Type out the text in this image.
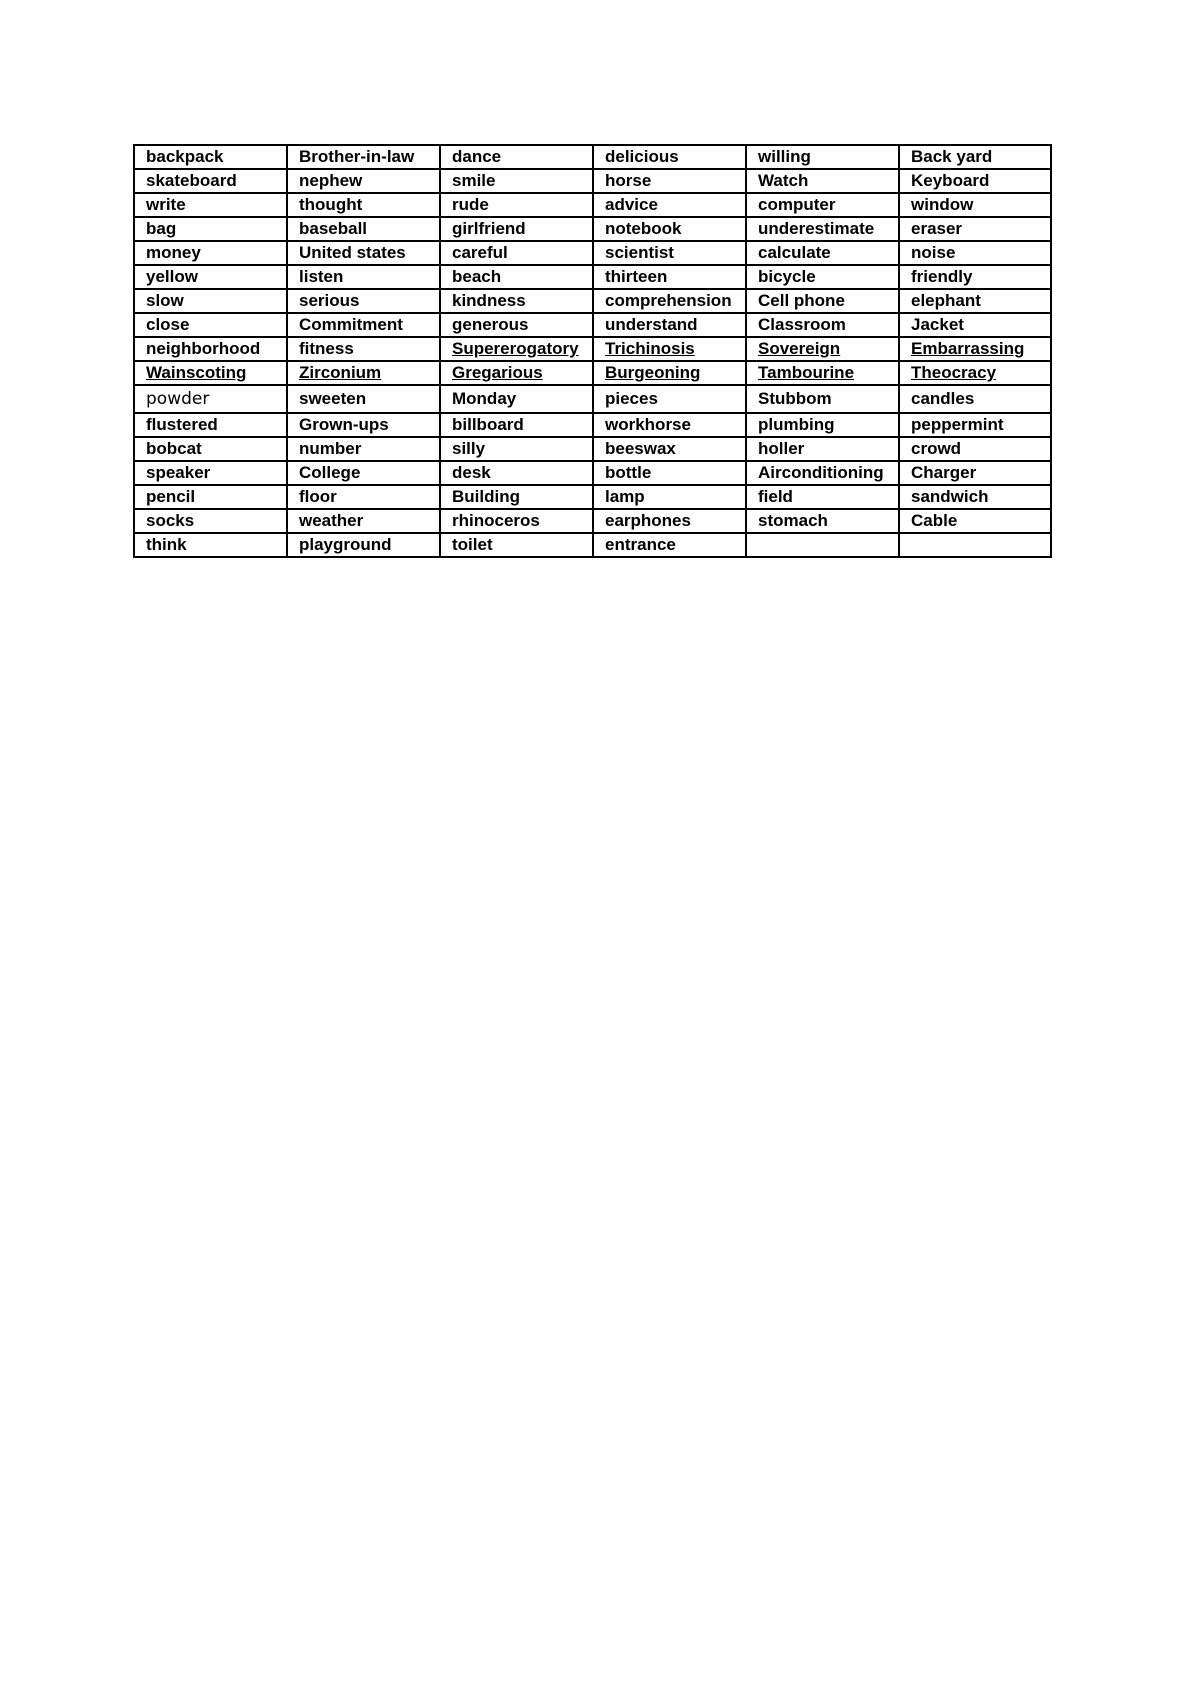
backpack	Brother-in-law	dance	delicious	willing	Back yard
skateboard	nephew	smile	horse	Watch	Keyboard
write	thought	rude	advice	computer	window
bag	baseball	girlfriend	notebook	underestimate	eraser
money	United states	careful	scientist	calculate	noise
yellow	listen	beach	thirteen	bicycle	friendly
slow	serious	kindness	comprehension	Cell phone	elephant
close	Commitment	generous	understand	Classroom	Jacket
neighborhood	fitness	Supererogatory	Trichinosis	Sovereign	Embarrassing
Wainscoting	Zirconium	Gregarious	Burgeoning	Tambourine	Theocracy
powder	sweeten	Monday	pieces	Stubbom	candles
flustered	Grown-ups	billboard	workhorse	plumbing	peppermint
bobcat	number	silly	beeswax	holler	crowd
speaker	College	desk	bottle	Airconditioning	Charger
pencil	floor	Building	lamp	field	sandwich
socks	weather	rhinoceros	earphones	stomach	Cable
think	playground	toilet	entrance		
